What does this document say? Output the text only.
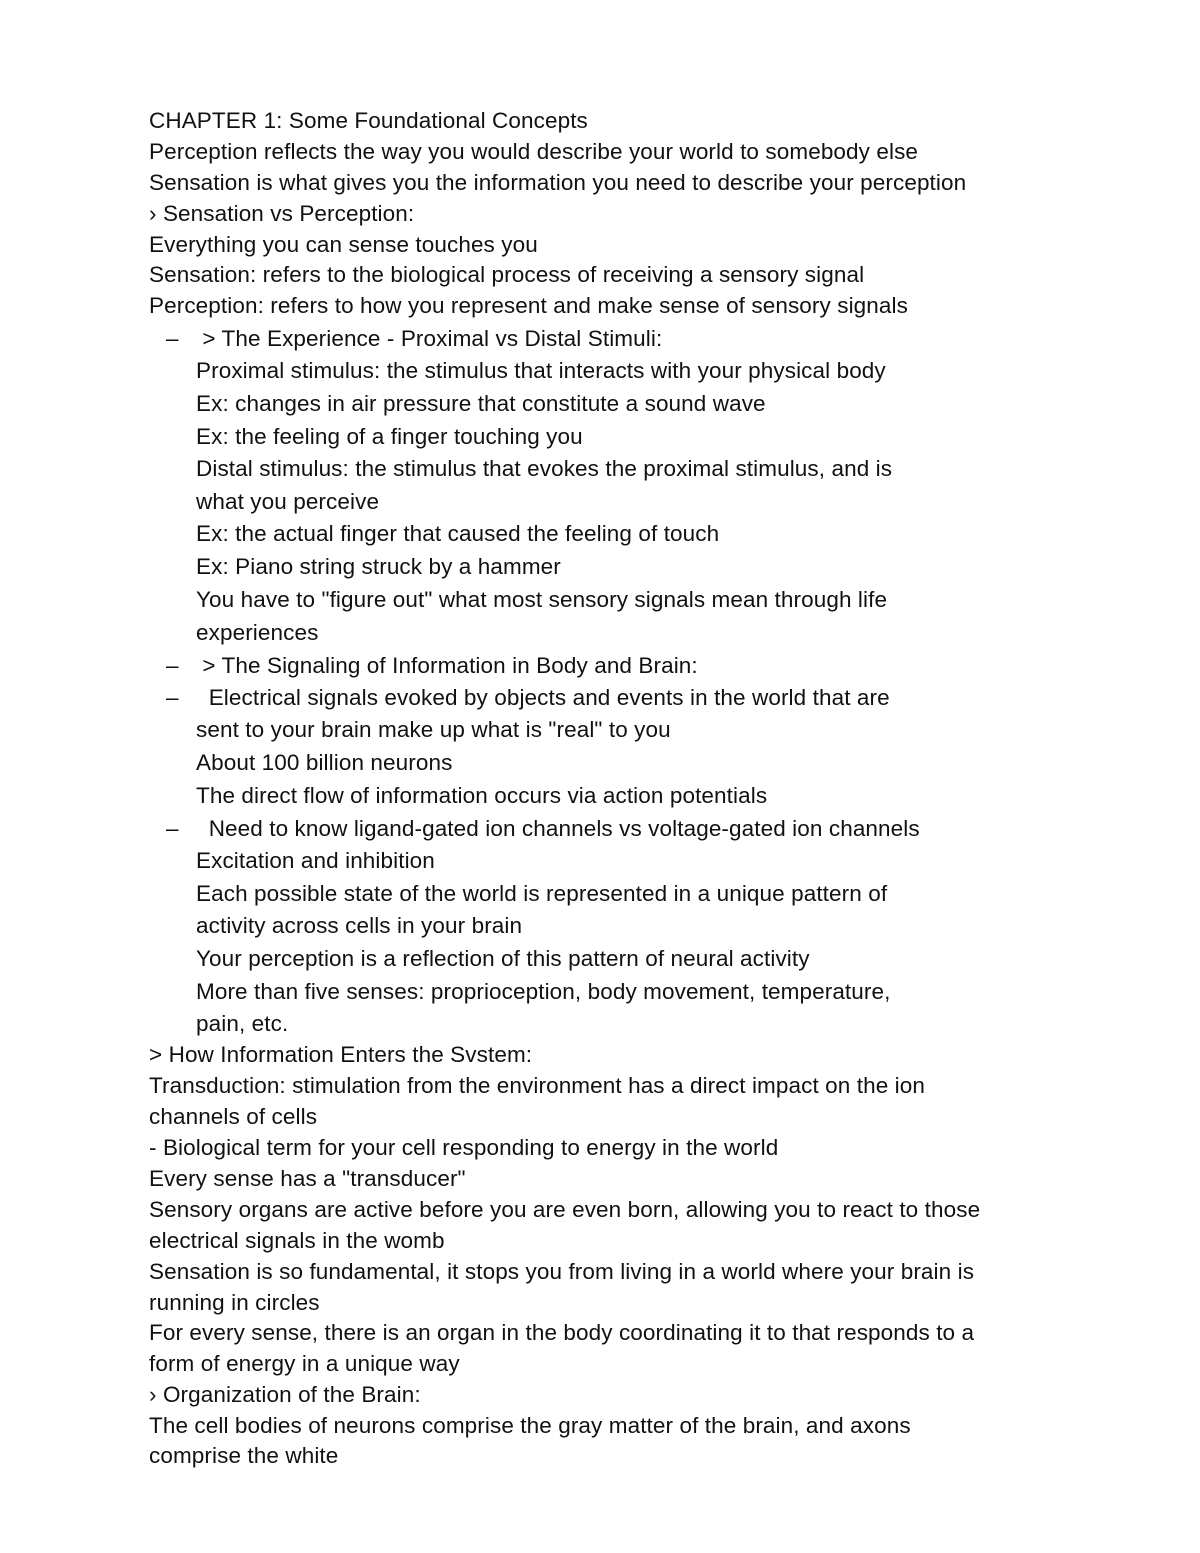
CHAPTER 1: Some Foundational Concepts
Perception reflects the way you would describe your world to somebody else
Sensation is what gives you the information you need to describe your perception
› Sensation vs Perception:
Everything you can sense touches you
Sensation: refers to the biological process of receiving a sensory signal
Perception: refers to how you represent and make sense of sensory signals
– > The Experience - Proximal vs Distal Stimuli:
Proximal stimulus: the stimulus that interacts with your physical body
Ex: changes in air pressure that constitute a sound wave
Ex: the feeling of a finger touching you
Distal stimulus: the stimulus that evokes the proximal stimulus, and is
what you perceive
Ex: the actual finger that caused the feeling of touch
Ex: Piano string struck by a hammer
You have to "figure out" what most sensory signals mean through life
experiences
– > The Signaling of Information in Body and Brain:
– Electrical signals evoked by objects and events in the world that are
sent to your brain make up what is "real" to you
About 100 billion neurons
The direct flow of information occurs via action potentials
– Need to know ligand-gated ion channels vs voltage-gated ion channels
Excitation and inhibition
Each possible state of the world is represented in a unique pattern of
activity across cells in your brain
Your perception is a reflection of this pattern of neural activity
More than five senses: proprioception, body movement, temperature,
pain, etc.
> How Information Enters the Svstem:
Transduction: stimulation from the environment has a direct impact on the ion
channels of cells
- Biological term for your cell responding to energy in the world
Every sense has a "transducer"
Sensory organs are active before you are even born, allowing you to react to those
electrical signals in the womb
Sensation is so fundamental, it stops you from living in a world where your brain is
running in circles
For every sense, there is an organ in the body coordinating it to that responds to a
form of energy in a unique way
› Organization of the Brain:
The cell bodies of neurons comprise the gray matter of the brain, and axons
comprise the white
